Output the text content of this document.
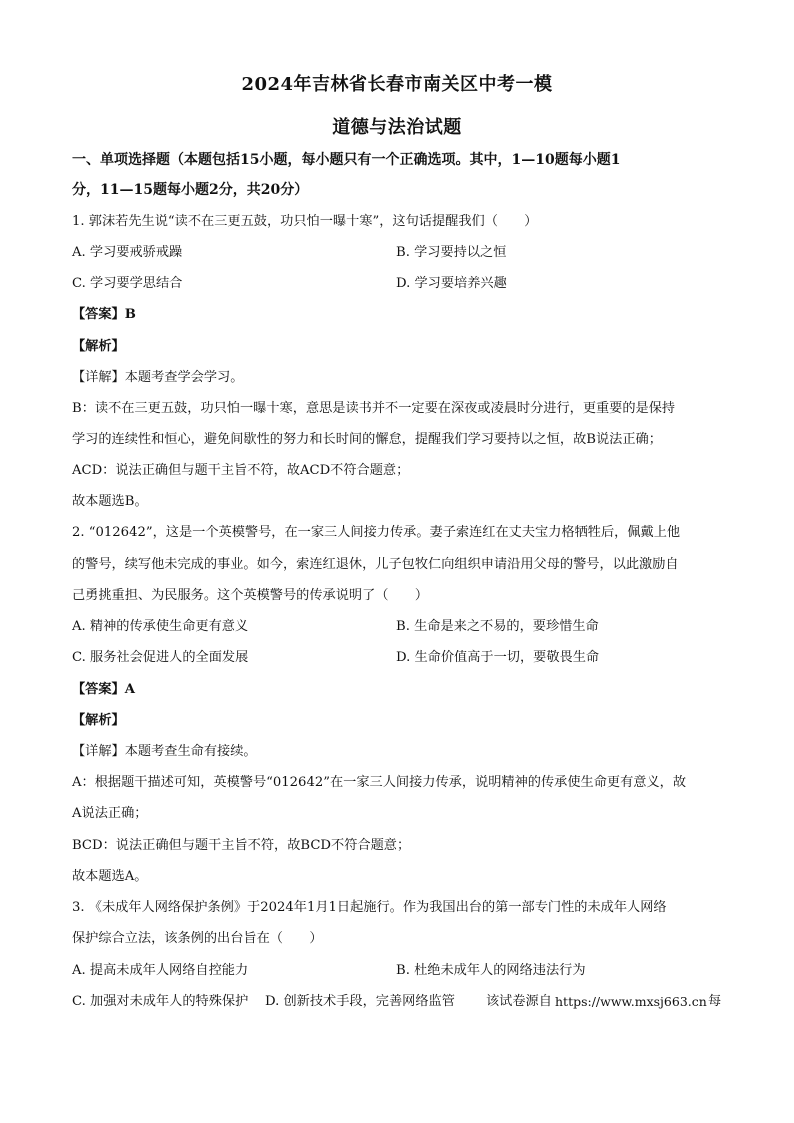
2024年吉林省长春市南关区中考一模
道德与法治试题
一、单项选择题（本题包括15小题，每小题只有一个正确选项。其中，1—10题每小题1
分，11—15题每小题2分，共20分）
1. 郭沫若先生说“读不在三更五鼓，功只怕一曝十寒”，这句话提醒我们（　　）
A. 学习要戒骄戒躁	B. 学习要持以之恒
C. 学习要学思结合	D. 学习要培养兴趣
【答案】B
【解析】
【详解】本题考查学会学习。
B：读不在三更五鼓，功只怕一曝十寒，意思是读书并不一定要在深夜或凌晨时分进行，更重要的是保持
学习的连续性和恒心，避免间歇性的努力和长时间的懈怠，提醒我们学习要持以之恒，故B说法正确；
ACD：说法正确但与题干主旨不符，故ACD不符合题意；
故本题选B。
2. “012642”，这是一个英模警号，在一家三人间接力传承。妻子索连红在丈夫宝力格牺牲后，佩戴上他
的警号，续写他未完成的事业。如今，索连红退休，儿子包牧仁向组织申请沿用父母的警号，以此激励自
己勇挑重担、为民服务。这个英模警号的传承说明了（　　）
A. 精神的传承使生命更有意义	B. 生命是来之不易的，要珍惜生命
C. 服务社会促进人的全面发展	D. 生命价值高于一切，要敬畏生命
【答案】A
【解析】
【详解】本题考查生命有接续。
A：根据题干描述可知，英模警号“012642”在一家三人间接力传承，说明精神的传承使生命更有意义，故
A说法正确；
BCD：说法正确但与题干主旨不符，故BCD不符合题意；
故本题选A。
3. 《未成年人网络保护条例》于2024年1月1日起施行。作为我国出台的第一部专门性的未成年人网络
保护综合立法，该条例的出台旨在（　　）
A. 提高未成年人网络自控能力	B. 杜绝未成年人的网络违法行为
C. 加强对未成年人的特殊保护 D. 创新技术手段，完善网络监管 该试卷源自 https://www.mxsj663.cn 每
